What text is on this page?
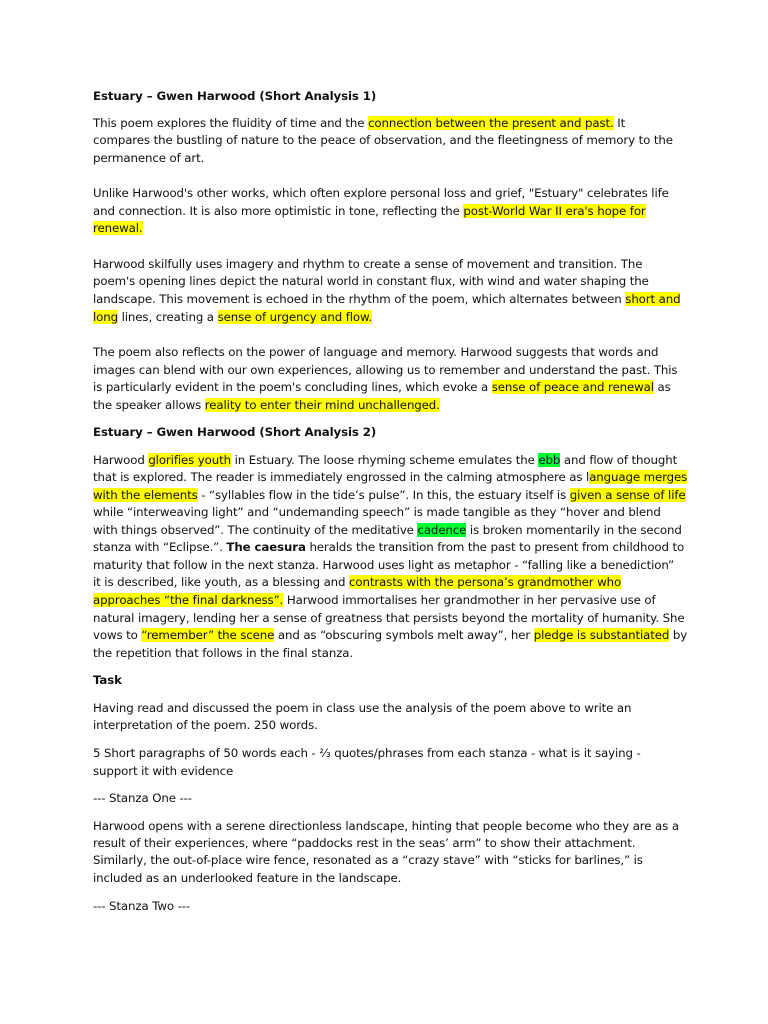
Estuary – Gwen Harwood (Short Analysis 1)
This poem explores the fluidity of time and the connection between the present and past. It
compares the bustling of nature to the peace of observation, and the fleetingness of memory to the
permanence of art.
Unlike Harwood's other works, which often explore personal loss and grief, "Estuary" celebrates life
and connection. It is also more optimistic in tone, reflecting the post-World War II era's hope for
renewal.
Harwood skilfully uses imagery and rhythm to create a sense of movement and transition. The
poem's opening lines depict the natural world in constant flux, with wind and water shaping the
landscape. This movement is echoed in the rhythm of the poem, which alternates between short and
long lines, creating a sense of urgency and flow.
The poem also reflects on the power of language and memory. Harwood suggests that words and
images can blend with our own experiences, allowing us to remember and understand the past. This
is particularly evident in the poem's concluding lines, which evoke a sense of peace and renewal as
the speaker allows reality to enter their mind unchallenged.
Estuary – Gwen Harwood (Short Analysis 2)
Harwood glorifies youth in Estuary. The loose rhyming scheme emulates the ebb and flow of thought
that is explored. The reader is immediately engrossed in the calming atmosphere as language merges
with the elements - “syllables flow in the tide’s pulse”. In this, the estuary itself is given a sense of life
while “interweaving light” and “undemanding speech” is made tangible as they “hover and blend
with things observed”. The continuity of the meditative cadence is broken momentarily in the second
stanza with “Eclipse.”. The caesura heralds the transition from the past to present from childhood to
maturity that follow in the next stanza. Harwood uses light as metaphor - “falling like a benediction”
it is described, like youth, as a blessing and contrasts with the persona’s grandmother who
approaches “the final darkness”. Harwood immortalises her grandmother in her pervasive use of
natural imagery, lending her a sense of greatness that persists beyond the mortality of humanity. She
vows to “remember” the scene and as “obscuring symbols melt away”, her pledge is substantiated by
the repetition that follows in the final stanza.
Task
Having read and discussed the poem in class use the analysis of the poem above to write an
interpretation of the poem. 250 words.
5 Short paragraphs of 50 words each - ⅔ quotes/phrases from each stanza - what is it saying -
support it with evidence
--- Stanza One ---
Harwood opens with a serene directionless landscape, hinting that people become who they are as a
result of their experiences, where “paddocks rest in the seas’ arm” to show their attachment.
Similarly, the out-of-place wire fence, resonated as a “crazy stave” with “sticks for barlines,” is
included as an underlooked feature in the landscape.
--- Stanza Two ---
